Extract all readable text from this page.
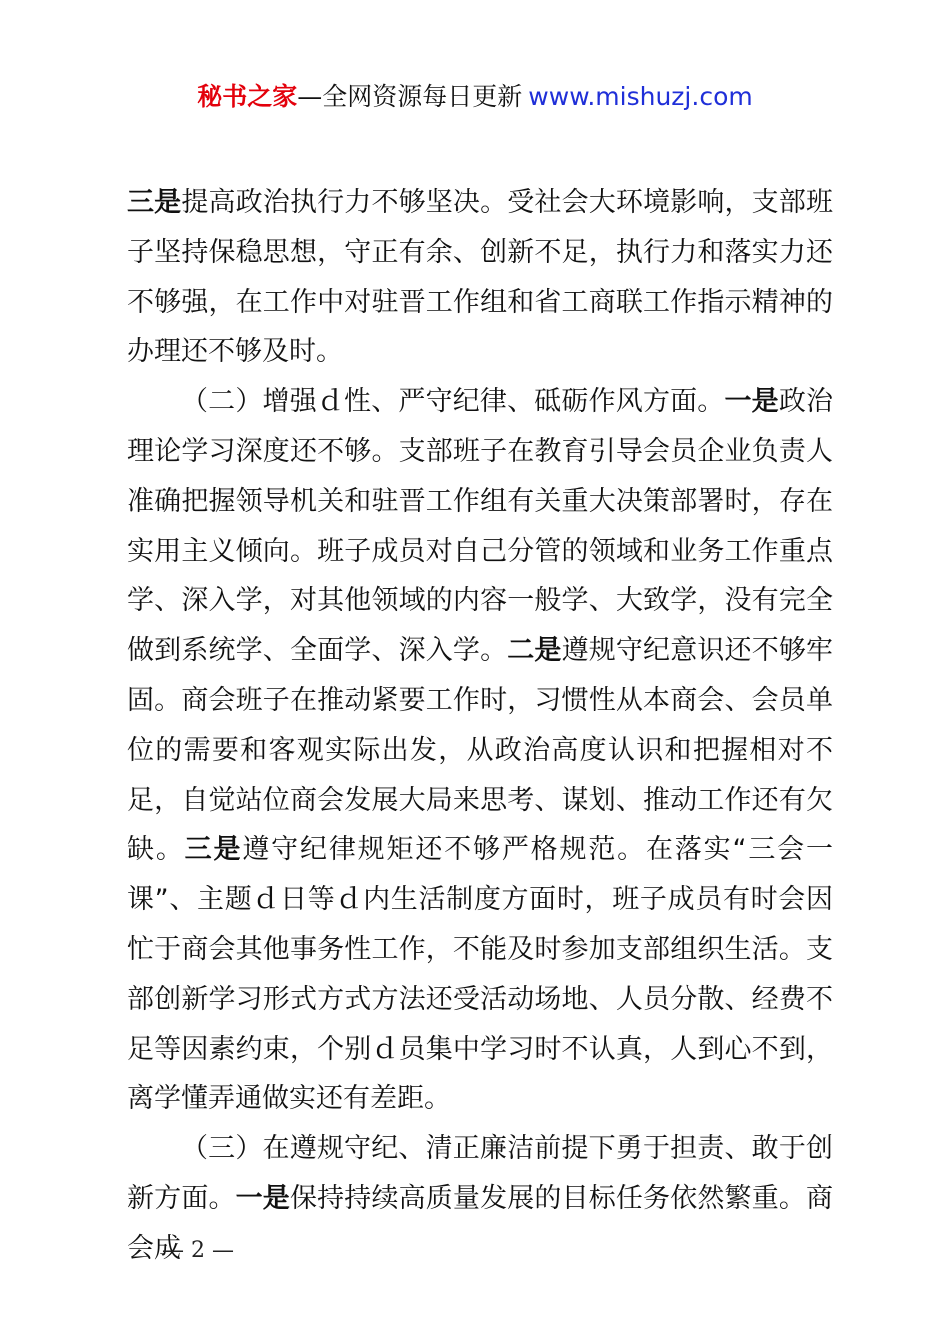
秘书之家—全网资源每日更新 www.mishuzj.com

三是提高政治执行力不够坚决。受社会大环境影响，支部班子坚持保稳思想，守正有余、创新不足，执行力和落实力还不够强，在工作中对驻晋工作组和省工商联工作指示精神的办理还不够及时。

（二）增强ｄ性、严守纪律、砥砺作风方面。一是政治理论学习深度还不够。支部班子在教育引导会员企业负责人准确把握领导机关和驻晋工作组有关重大决策部署时，存在实用主义倾向。班子成员对自己分管的领域和业务工作重点学、深入学，对其他领域的内容一般学、大致学，没有完全做到系统学、全面学、深入学。二是遵规守纪意识还不够牢固。商会班子在推动紧要工作时，习惯性从本商会、会员单位的需要和客观实际出发，从政治高度认识和把握相对不足，自觉站位商会发展大局来思考、谋划、推动工作还有欠缺。三是遵守纪律规矩还不够严格规范。在落实“三会一课”、主题ｄ日等ｄ内生活制度方面时，班子成员有时会因忙于商会其他事务性工作，不能及时参加支部组织生活。支部创新学习形式方式方法还受活动场地、人员分散、经费不足等因素约束，个别ｄ员集中学习时不认真，人到心不到，离学懂弄通做实还有差距。

（三）在遵规守纪、清正廉洁前提下勇于担责、敢于创新方面。一是保持持续高质量发展的目标任务依然繁重。商会成

— 2 —
